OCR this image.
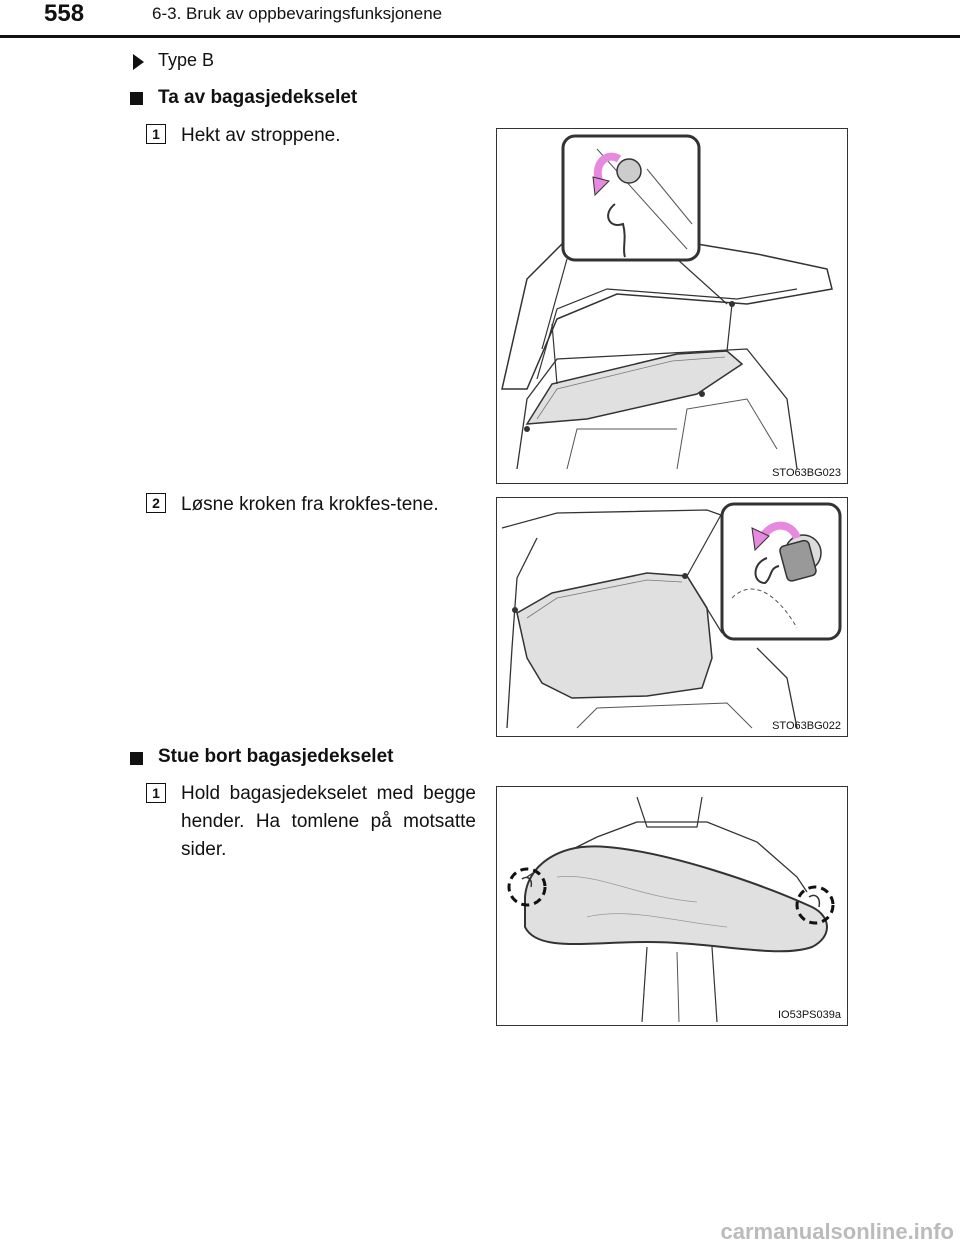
558	6-3. Bruk av oppbevaringsfunksjonene
Type B
Ta av bagasjedekselet
1	Hekt av stroppene.
STO63BG023
2	Løsne kroken fra krokfes-tene.
STO63BG022
Stue bort bagasjedekselet
1	Hold bagasjedekselet med begge hender. Ha tomlene på motsatte sider.
IO53PS039a
carmanualsonline.info
